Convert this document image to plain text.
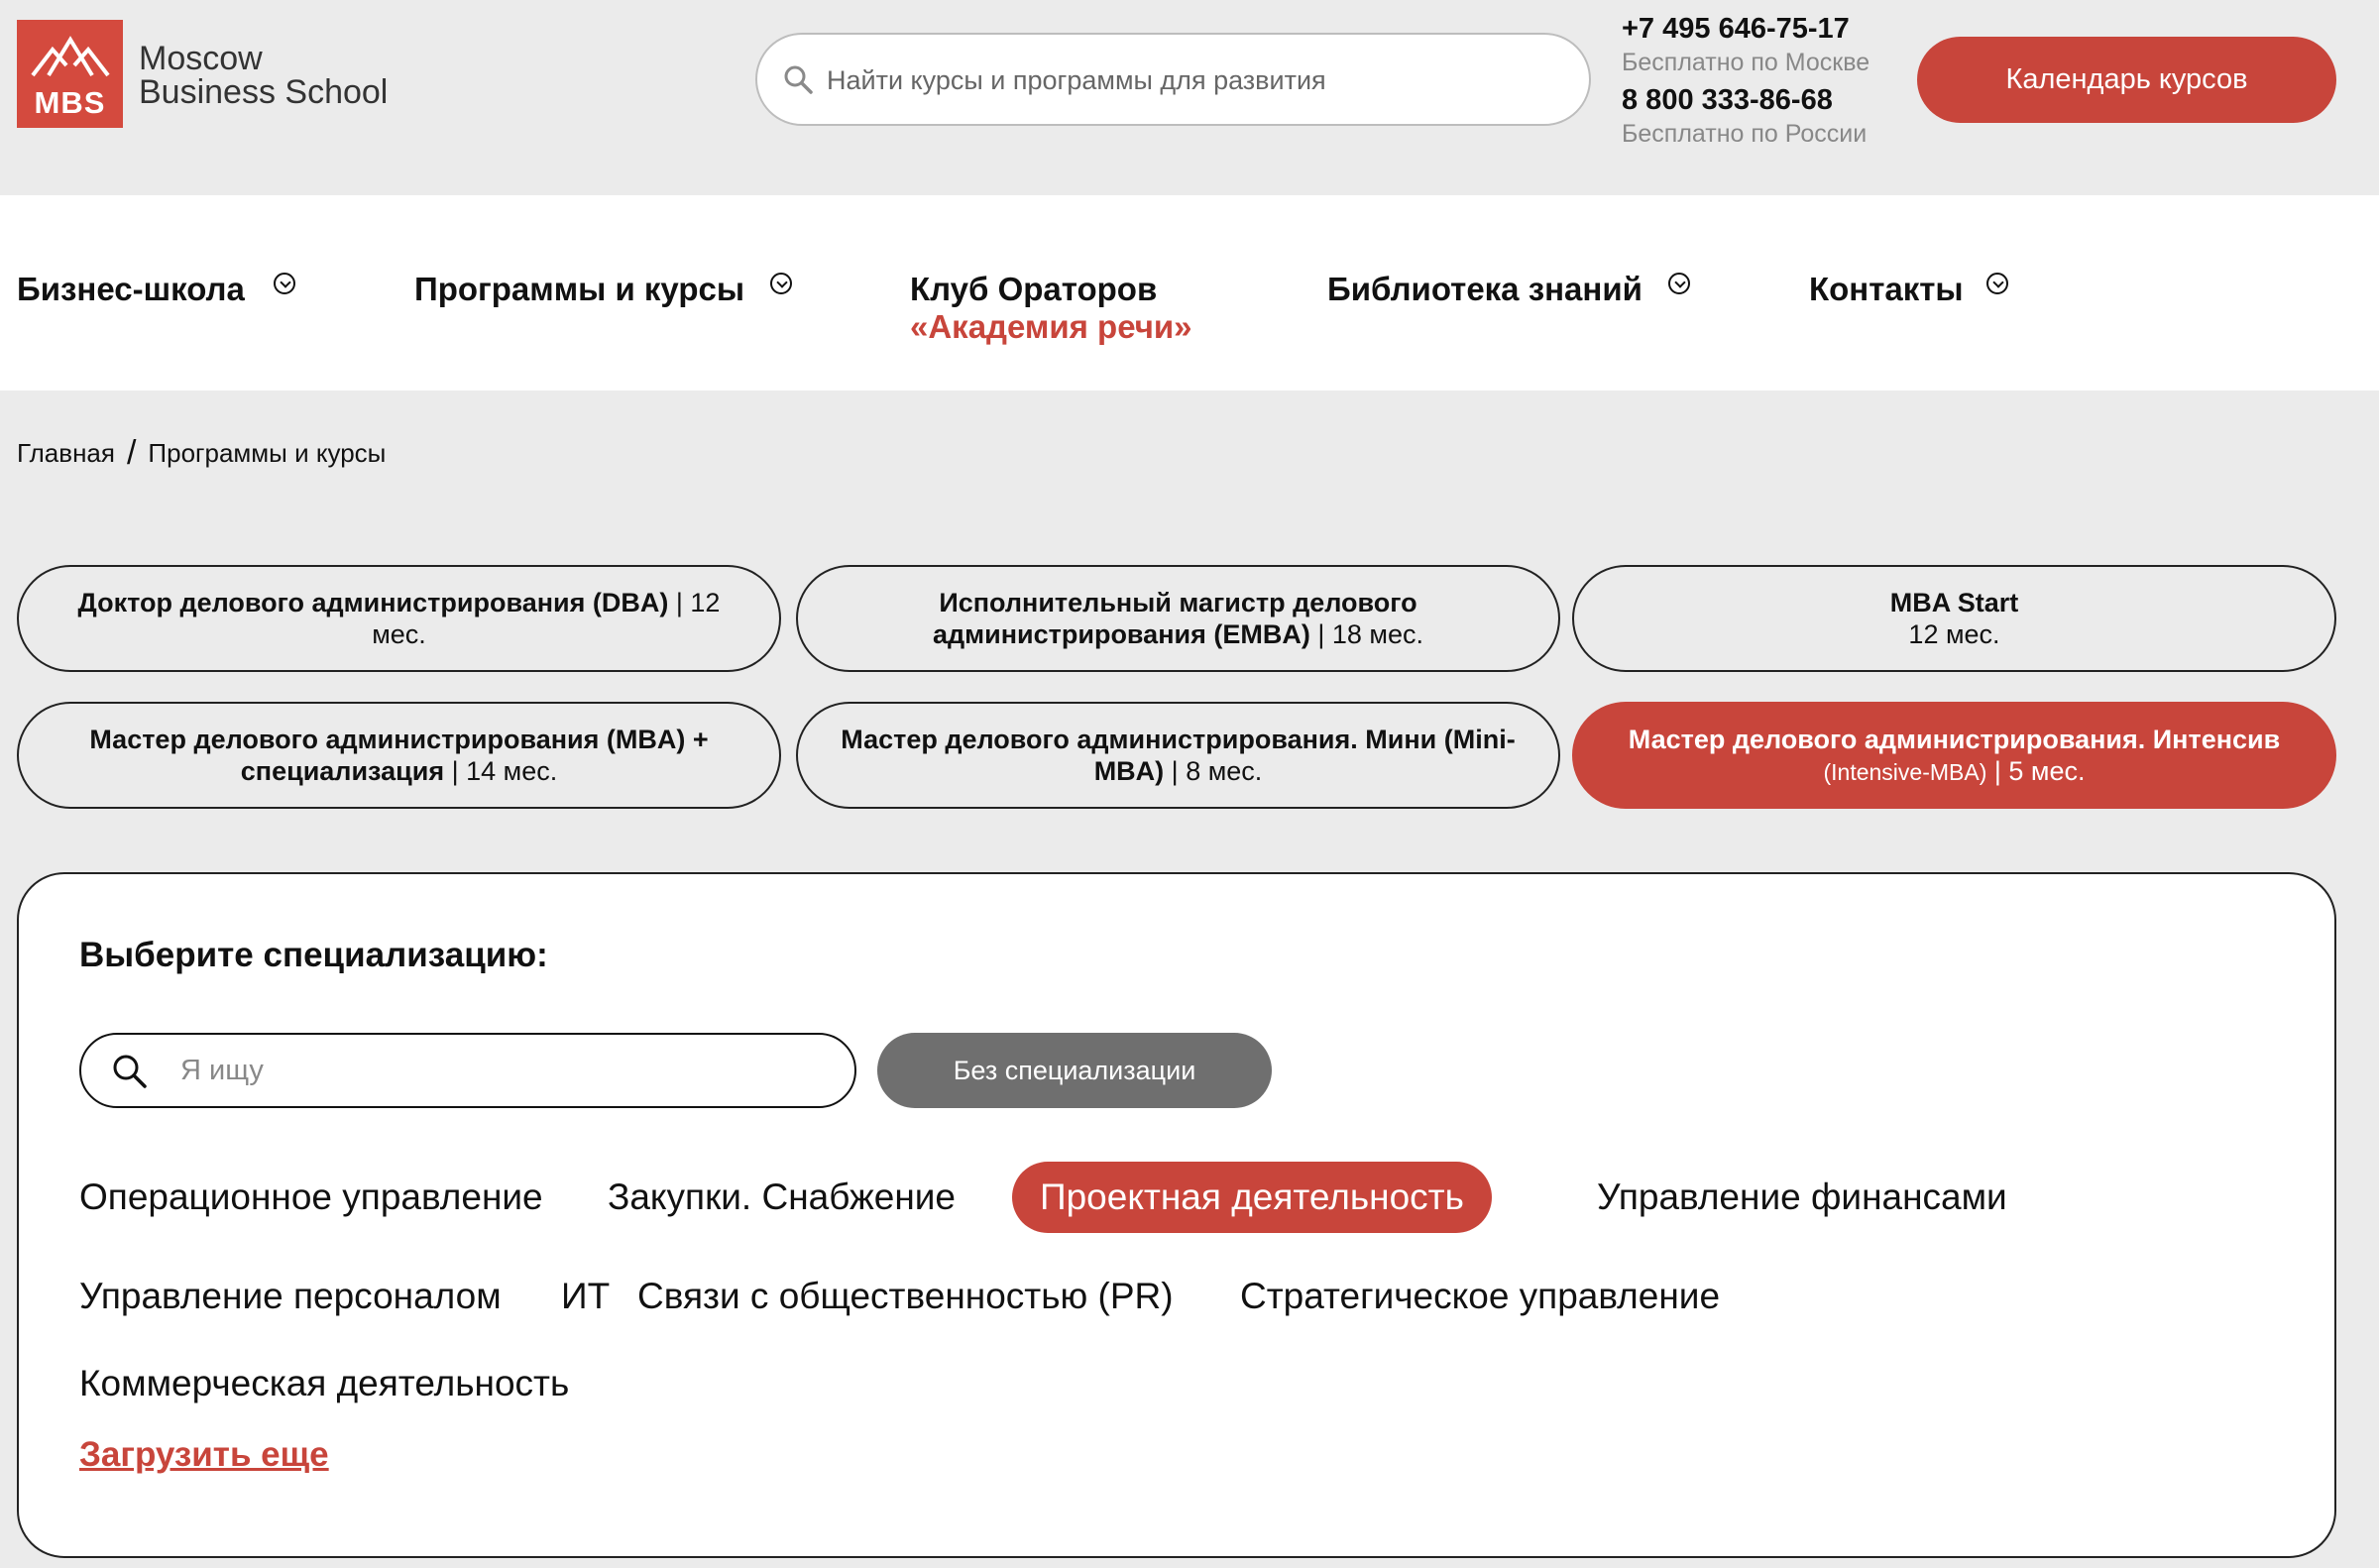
MBS
Moscow
Business School
Найти курсы и программы для развития
+7 495 646-75-17
Бесплатно по Москве
8 800 333-86-68
Бесплатно по России
Календарь курсов
Бизнес-школа	Программы и курсы	Клуб Ораторов
«Академия речи»
Библиотека знаний	Контакты
Главная / Программы и курсы
Доктор делового администрирования (DBA) | 12 мес.
Исполнительный магистр делового администрирования (EMBA) | 18 мес.
MBA Start
12 мес.
Мастер делового администрирования (MBA) + специализация | 14 мес.
Мастер делового администрирования. Мини (Mini-MBA) | 8 мес.
Мастер делового администрирования. Интенсив (Intensive-MBA) | 5 мес.
Выберите специализацию:
Я ищу
Без специализации
Операционное управление Закупки. Снабжение	Проектная деятельность	Управление финансами
Управление персоналом ИТ Связи с общественностью (PR) Стратегическое управление
Коммерческая деятельность
Загрузить еще
